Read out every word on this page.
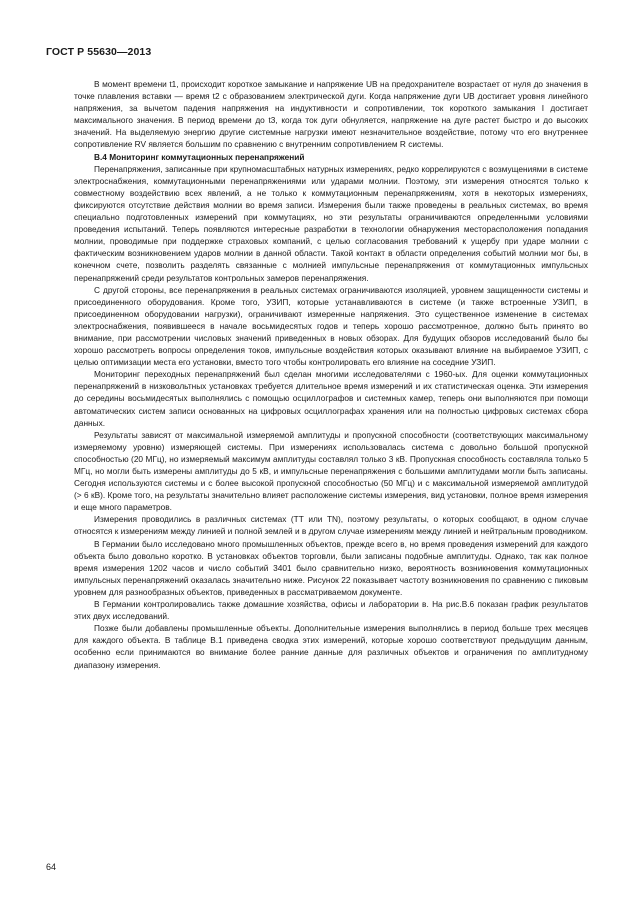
ГОСТ Р 55630—2013

В момент времени t1, происходит короткое замыкание и напряжение UB на предохранителе возрастает от нуля до значения в точке плавления вставки — время t2 с образованием электрической дуги. Когда напряжение дуги UB достигает уровня линейного напряжения, за вычетом падения напряжения на индуктивности и сопротивлении, ток короткого замыкания I достигает максимального значения. В период времени до t3, когда ток дуги обнуляется, напряжение на дуге растет быстро и до высоких значений. На выделяемую энергию другие системные нагрузки имеют незначительное воздействие, потому что его внутреннее сопротивление RV является большим по сравнению с внутренним сопротивлением R системы.

В.4 Мониторинг коммутационных перенапряжений

Перенапряжения, записанные при крупномасштабных натурных измерениях, редко коррелируются с возмущениями в системе электроснабжения, коммутационными перенапряжениями или ударами молнии. Поэтому, эти измерения относятся только к совместному воздействию всех явлений, а не только к коммутационным перенапряжениям, хотя в некоторых измерениях, фиксируются отсутствие действия молнии во время записи. Измерения были также проведены в реальных системах, во время специально подготовленных измерений при коммутациях, но эти результаты ограничиваются определенными условиями проведения испытаний. Теперь появляются интересные разработки в технологии обнаружения месторасположения попадания молнии, проводимые при поддержке страховых компаний, с целью согласования требований к ущербу при ударе молнии с фактическим возникновением ударов молнии в данной области. Такой контакт в области определения событий молнии мог бы, в конечном счете, позволить разделять связанные с молнией импульсные перенапряжения от коммутационных импульсных перенапряжений среди результатов контрольных замеров перенапряжения.

С другой стороны, все перенапряжения в реальных системах ограничиваются изоляцией, уровнем защищенности системы и присоединенного оборудования. Кроме того, УЗИП, которые устанавливаются в системе (и также встроенные УЗИП, в присоединенном оборудовании нагрузки), ограничивают измеренные напряжения. Это существенное изменение в системах электроснабжения, появившееся в начале восьмидесятых годов и теперь хорошо рассмотренное, должно быть принято во внимание, при рассмотрении числовых значений приведенных в новых обзорах. Для будущих обзоров исследований было бы хорошо рассмотреть вопросы определения токов, импульсные воздействия которых оказывают влияние на выбираемое УЗИП, с целью оптимизации места его установки, вместо того чтобы контролировать его влияние на соседние УЗИП.

Мониторинг переходных перенапряжений был сделан многими исследователями с 1960-ых. Для оценки коммутационных перенапряжений в низковольтных установках требуется длительное время измерений и их статистическая оценка. Эти измерения до середины восьмидесятых выполнялись с помощью осциллографов и системных камер, теперь они выполняются при помощи автоматических систем записи основанных на цифровых осциллографах хранения или на полностью цифровых системах сбора данных.

Результаты зависят от максимальной измеряемой амплитуды и пропускной способности (соответствующих максимальному измеряемому уровню) измеряющей системы. При измерениях использовалась система с довольно большой пропускной способностью (20 МГц), но измеряемый максимум амплитуды составлял только 3 кВ. Пропускная способность составляла только 5 МГц, но могли быть измерены амплитуды до 5 кВ, и импульсные перенапряжения с большими амплитудами могли быть записаны. Сегодня используются системы и с более высокой пропускной способностью (50 МГц) и с максимальной измеряемой амплитудой (> 6 кВ). Кроме того, на результаты значительно влияет расположение системы измерения, вид установки, полное время измерения и еще много параметров.

Измерения проводились в различных системах (ТТ или TN), поэтому результаты, о которых сообщают, в одном случае относятся к измерениям между линией и полной землей и в другом случае измерениям между линией и нейтральным проводником.

В Германии было исследовано много промышленных объектов, прежде всего в, но время проведения измерений для каждого объекта было довольно коротко. В установках объектов торговли, были записаны подобные амплитуды. Однако, так как полное время измерения 1202 часов и число событий 3401 было сравнительно низко, вероятность возникновения коммутационных импульсных перенапряжений оказалась значительно ниже. Рисунок 22 показывает частоту возникновения по сравнению с пиковым уровнем для разнообразных объектов, приведенных в рассматриваемом документе.

В Германии контролировались также домашние хозяйства, офисы и лаборатории в. На рис.В.6 показан график результатов этих двух исследований.

Позже были добавлены промышленные объекты. Дополнительные измерения выполнялись в период больше трех месяцев для каждого объекта. В таблице В.1 приведена сводка этих измерений, которые хорошо соответствуют предыдущим данным, особенно если принимаются во внимание более ранние данные для различных объектов и ограничения по амплитудному диапазону измерения.

64
